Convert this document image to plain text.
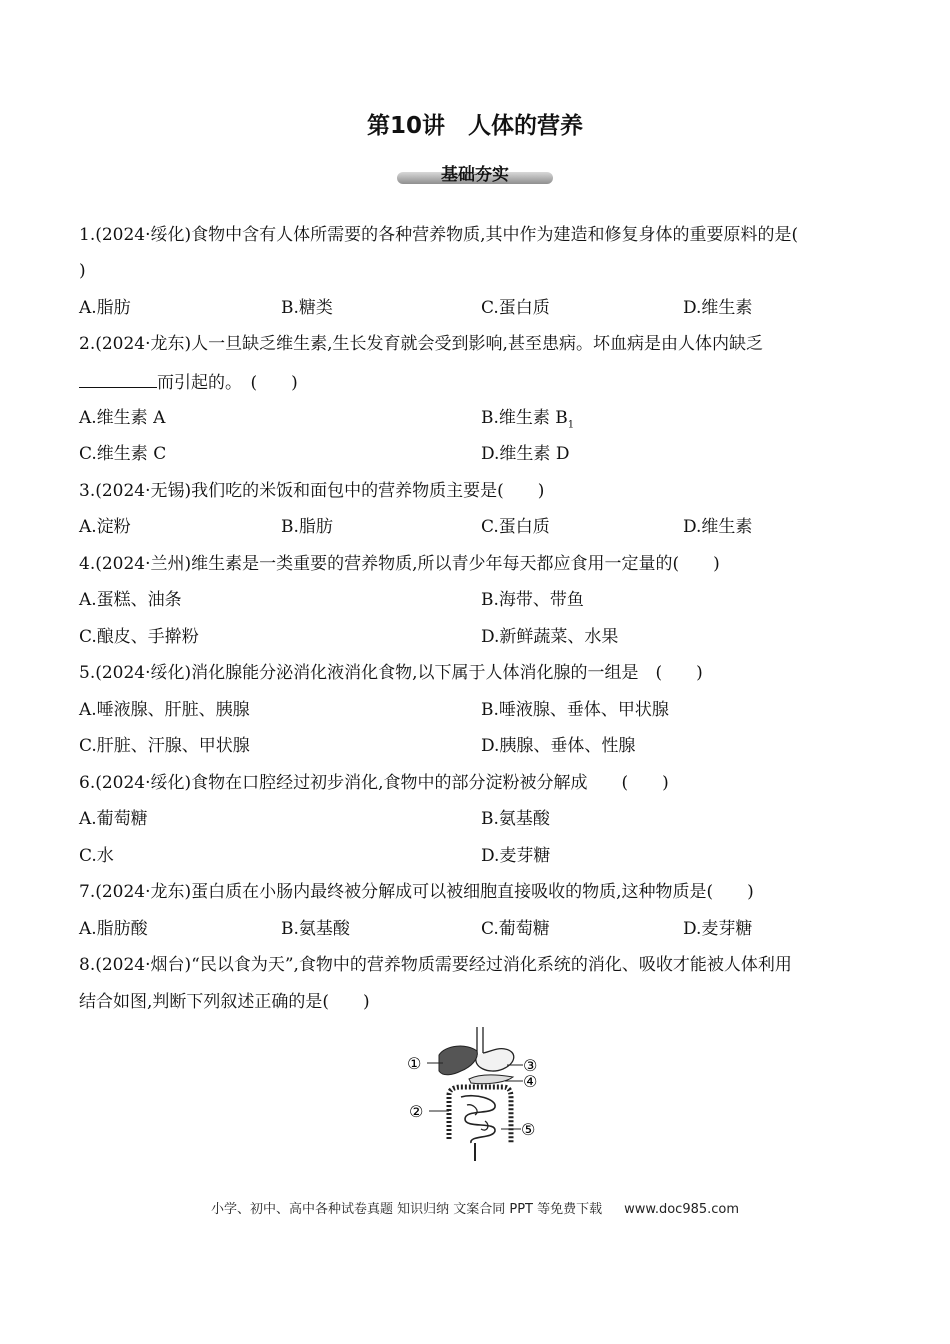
第10讲　人体的营养
基础夯实
1.(2024·绥化)食物中含有人体所需要的各种营养物质,其中作为建造和修复身体的重要原料的是(
)
A.脂肪	B.糖类	C.蛋白质	D.维生素
2.(2024·龙东)人一旦缺乏维生素,生长发育就会受到影响,甚至患病。坏血病是由人体内缺乏
而引起的。　(　　)
A.维生素 A	B.维生素 $B_1$
C.维生素 C	D.维生素 D
3.(2024·无锡)我们吃的米饭和面包中的营养物质主要是(　　)
A.淀粉	B.脂肪	C.蛋白质	D.维生素
4.(2024·兰州)维生素是一类重要的营养物质,所以青少年每天都应食用一定量的(　　)
A.蛋糕、油条	B.海带、带鱼
C.酿皮、手擀粉	D.新鲜蔬菜、水果
5.(2024·绥化)消化腺能分泌消化液消化食物,以下属于人体消化腺的一组是　(　　)
A.唾液腺、肝脏、胰腺	B.唾液腺、垂体、甲状腺
C.肝脏、汗腺、甲状腺	D.胰腺、垂体、性腺
6.(2024·绥化)食物在口腔经过初步消化,食物中的部分淀粉被分解成　　(　　)
A.葡萄糖	B.氨基酸
C.水	D.麦芽糖
7.(2024·龙东)蛋白质在小肠内最终被分解成可以被细胞直接吸收的物质,这种物质是(　　)
A.脂肪酸	B.氨基酸	C.葡萄糖	D.麦芽糖
8.(2024·烟台)“民以食为天”,食物中的营养物质需要经过消化系统的消化、吸收才能被人体利用
结合如图,判断下列叙述正确的是(　　)
①
②
③
④
⑤
小学、初中、高中各种试卷真题 知识归纳 文案合同 PPT 等免费下载 www.doc985.com
